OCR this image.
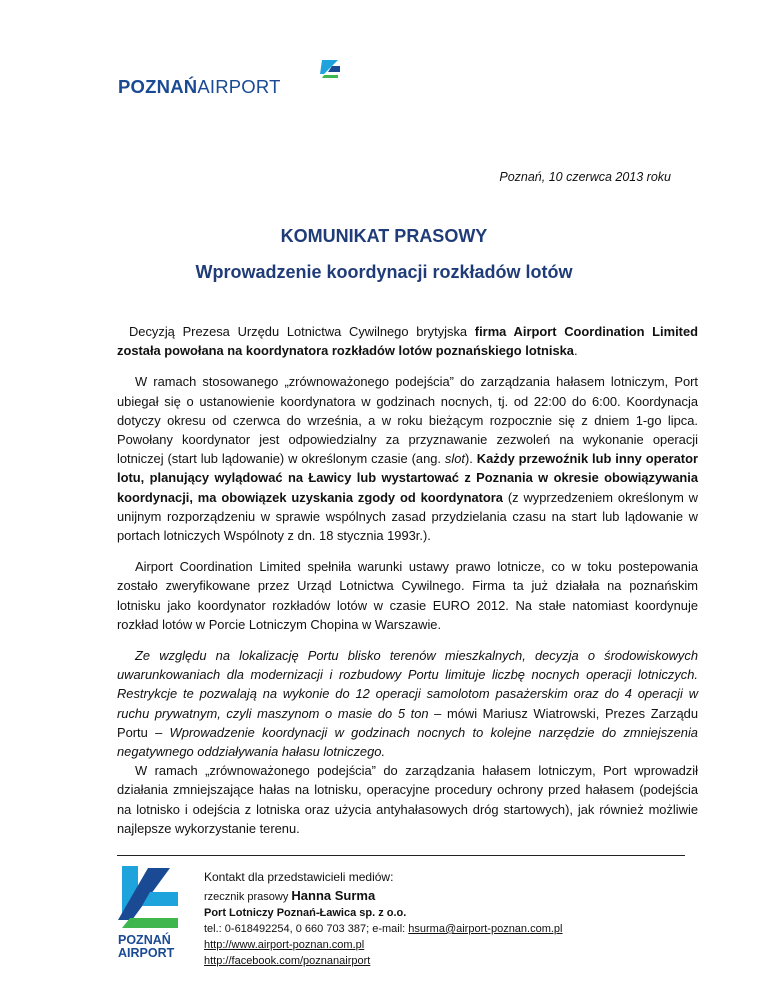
POZNAŃAIRPORT
Poznań, 10 czerwca 2013 roku
KOMUNIKAT PRASOWY
Wprowadzenie koordynacji rozkładów lotów

Decyzją Prezesa Urzędu Lotnictwa Cywilnego brytyjska firma Airport Coordination Limited została powołana na koordynatora rozkładów lotów poznańskiego lotniska.

W ramach stosowanego „zrównoważonego podejścia” do zarządzania hałasem lotniczym, Port ubiegał się o ustanowienie koordynatora w godzinach nocnych, tj. od 22:00 do 6:00. Koordynacja dotyczy okresu od czerwca do września, a w roku bieżącym rozpocznie się z dniem 1-go lipca. Powołany koordynator jest odpowiedzialny za przyznawanie zezwoleń na wykonanie operacji lotniczej (start lub lądowanie) w określonym czasie (ang. slot). Każdy przewoźnik lub inny operator lotu, planujący wylądować na Ławicy lub wystartować z Poznania w okresie obowiązywania koordynacji, ma obowiązek uzyskania zgody od koordynatora (z wyprzedzeniem określonym w unijnym rozporządzeniu w sprawie wspólnych zasad przydzielania czasu na start lub lądowanie w portach lotniczych Wspólnoty z dn. 18 stycznia 1993r.).

Airport Coordination Limited spełniła warunki ustawy prawo lotnicze, co w toku postepowania zostało zweryfikowane przez Urząd Lotnictwa Cywilnego. Firma ta już działała na poznańskim lotnisku jako koordynator rozkładów lotów w czasie EURO 2012. Na stałe natomiast koordynuje rozkład lotów w Porcie Lotniczym Chopina w Warszawie.

Ze względu na lokalizację Portu blisko terenów mieszkalnych, decyzja o środowiskowych uwarunkowaniach dla modernizacji i rozbudowy Portu limituje liczbę nocnych operacji lotniczych. Restrykcje te pozwalają na wykonie do 12 operacji samolotom pasażerskim oraz do 4 operacji w ruchu prywatnym, czyli maszynom o masie do 5 ton – mówi Mariusz Wiatrowski, Prezes Zarządu Portu – Wprowadzenie koordynacji w godzinach nocnych to kolejne narzędzie do zmniejszenia negatywnego oddziaływania hałasu lotniczego.

W ramach „zrównoważonego podejścia” do zarządzania hałasem lotniczym, Port wprowadził działania zmniejszające hałas na lotnisku, operacyjne procedury ochrony przed hałasem (podejścia na lotnisko i odejścia z lotniska oraz użycia antyhałasowych dróg startowych), jak również możliwie najlepsze wykorzystanie terenu.

POZNAŃ
AIRPORT
Kontakt dla przedstawicieli mediów:
rzecznik prasowy Hanna Surma
Port Lotniczy Poznań-Ławica sp. z o.o.
tel.: 0-618492254, 0 660 703 387; e-mail: hsurma@airport-poznan.com.pl
http://www.airport-poznan.com.pl
http://facebook.com/poznanairport
